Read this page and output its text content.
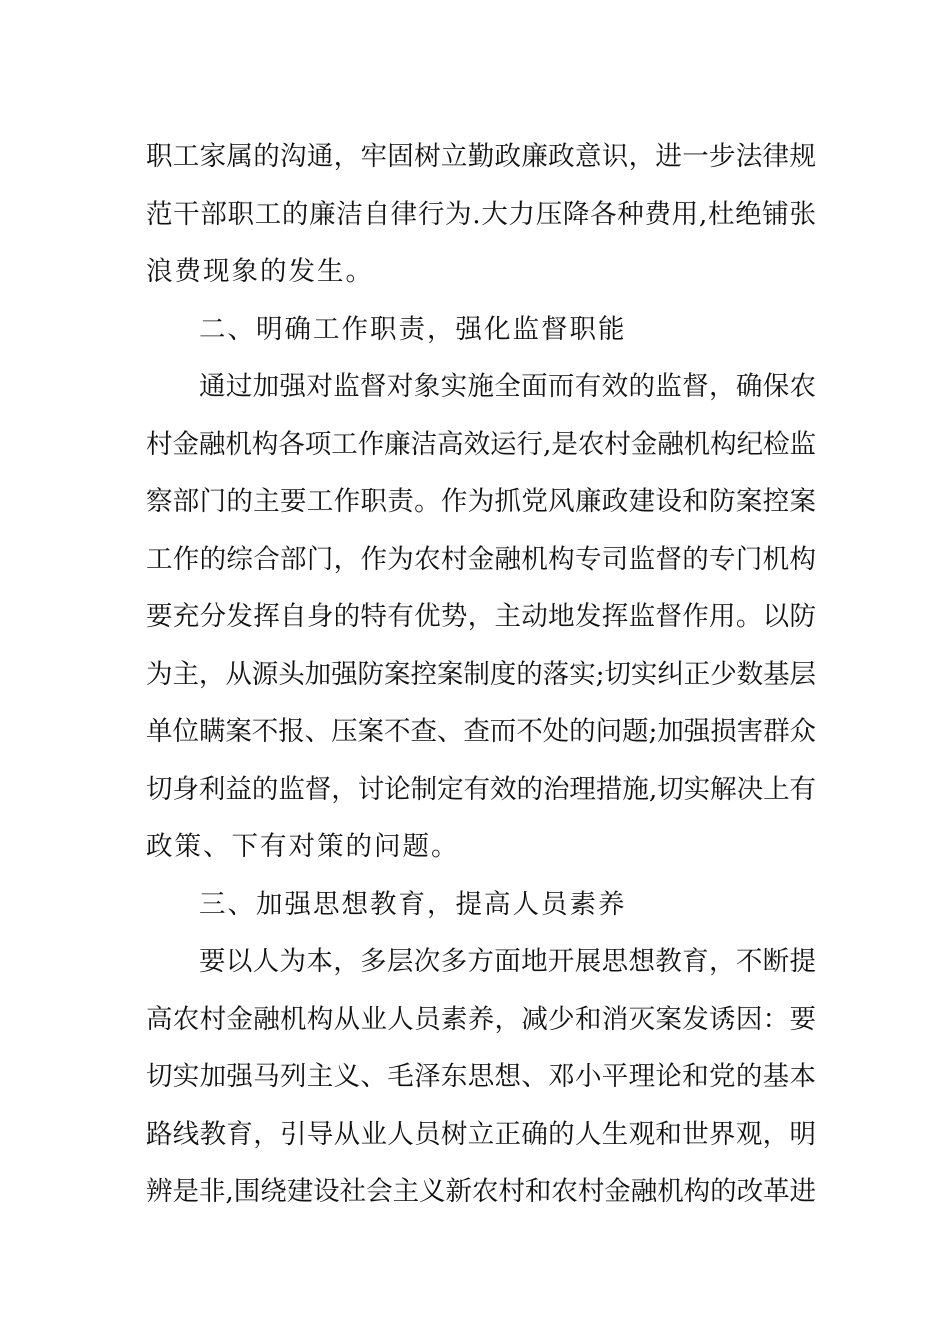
职工家属的沟通，牢固树立勤政廉政意识，进一步法律规
范干部职工的廉洁自律行为.大力压降各种费用,杜绝铺张
浪费现象的发生。

二、明确工作职责，强化监督职能

通过加强对监督对象实施全面而有效的监督，确保农
村金融机构各项工作廉洁高效运行,是农村金融机构纪检监
察部门的主要工作职责。作为抓党风廉政建设和防案控案
工作的综合部门，作为农村金融机构专司监督的专门机构
要充分发挥自身的特有优势，主动地发挥监督作用。以防
为主，从源头加强防案控案制度的落实;切实纠正少数基层
单位瞒案不报、压案不查、查而不处的问题;加强损害群众
切身利益的监督，讨论制定有效的治理措施,切实解决上有
政策、下有对策的问题。

三、加强思想教育，提高人员素养

要以人为本，多层次多方面地开展思想教育，不断提
高农村金融机构从业人员素养，减少和消灭案发诱因：要
切实加强马列主义、毛泽东思想、邓小平理论和党的基本
路线教育，引导从业人员树立正确的人生观和世界观，明
辨是非,围绕建设社会主义新农村和农村金融机构的改革进
